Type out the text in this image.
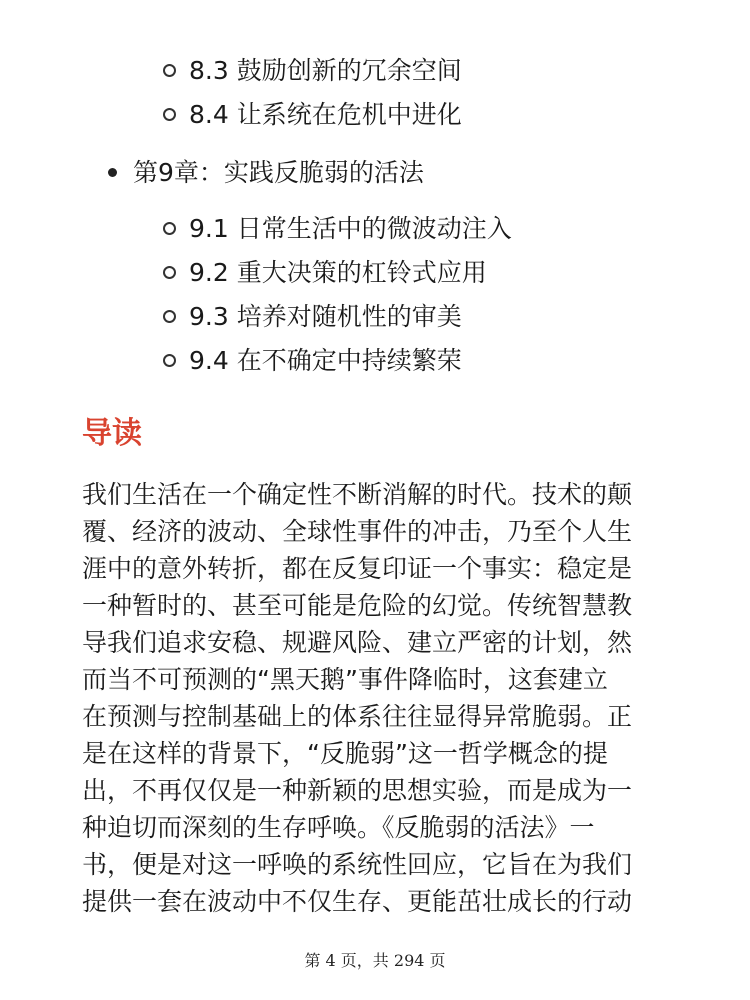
8.3 鼓励创新的冗余空间
8.4 让系统在危机中进化
第9章：实践反脆弱的活法
9.1 日常生活中的微波动注入
9.2 重大决策的杠铃式应用
9.3 培养对随机性的审美
9.4 在不确定中持续繁荣
导读
我们生活在一个确定性不断消解的时代。技术的颠
覆、经济的波动、全球性事件的冲击，乃至个人生
涯中的意外转折，都在反复印证一个事实：稳定是
一种暂时的、甚至可能是危险的幻觉。传统智慧教
导我们追求安稳、规避风险、建立严密的计划，然
而当不可预测的“黑天鹅”事件降临时，这套建立
在预测与控制基础上的体系往往显得异常脆弱。正
是在这样的背景下，“反脆弱”这一哲学概念的提
出，不再仅仅是一种新颖的思想实验，而是成为一
种迫切而深刻的生存呼唤。《反脆弱的活法》一
书，便是对这一呼唤的系统性回应，它旨在为我们
提供一套在波动中不仅生存、更能茁壮成长的行动
第 4 页，共 294 页
